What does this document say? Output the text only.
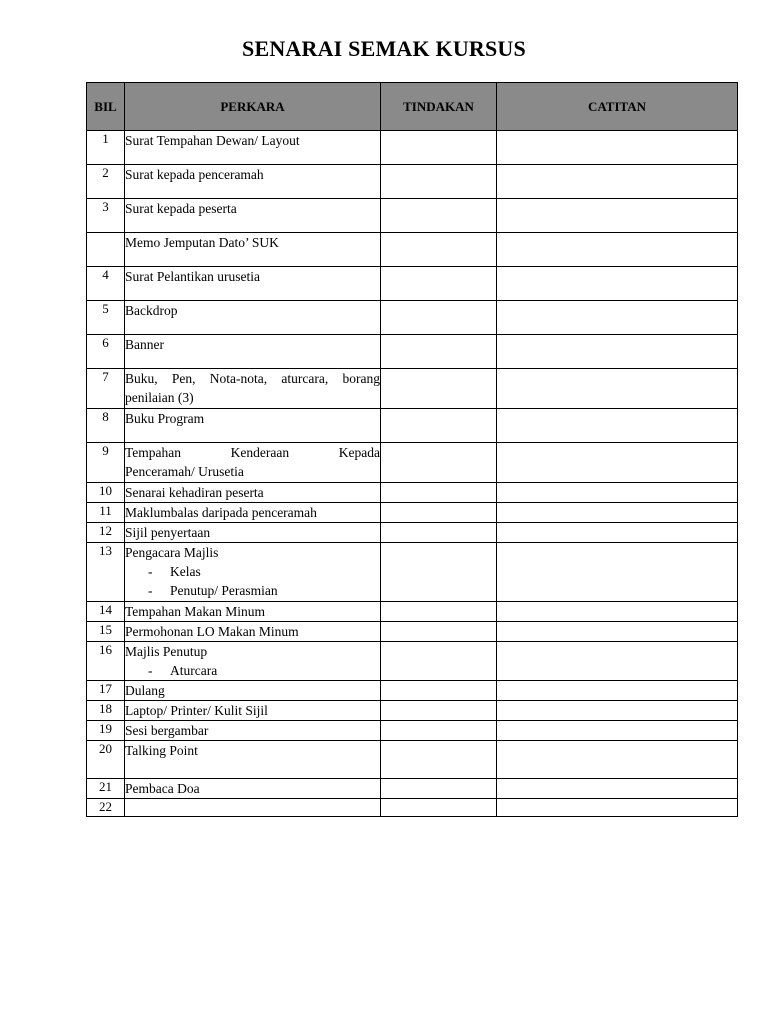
SENARAI SEMAK KURSUS
BIL	PERKARA	TINDAKAN	CATITAN
1	Surat Tempahan Dewan/ Layout		

2	Surat kepada penceramah		

3	Surat kepada peserta		

	Memo Jemputan Dato’ SUK		

4	Surat Pelantikan urusetia		

5	Backdrop		

6	Banner		

7	Buku, Pen, Nota-nota, aturcara, borang
penilaian (3)		

8	Buku Program		

9	Tempahan Kenderaan Kepada
Penceramah/ Urusetia		

10	Senarai kehadiran peserta		

11	Maklumbalas daripada penceramah		

12	Sijil penyertaan		

13	Pengacara Majlis
- Kelas
- Penutup/ Perasmian		

14	Tempahan Makan Minum		

15	Permohonan LO Makan Minum		

16	Majlis Penutup
- Aturcara		

17	Dulang		

18	Laptop/ Printer/ Kulit Sijil		

19	Sesi bergambar		

20	Talking Point		

21	Pembaca Doa		

22			
